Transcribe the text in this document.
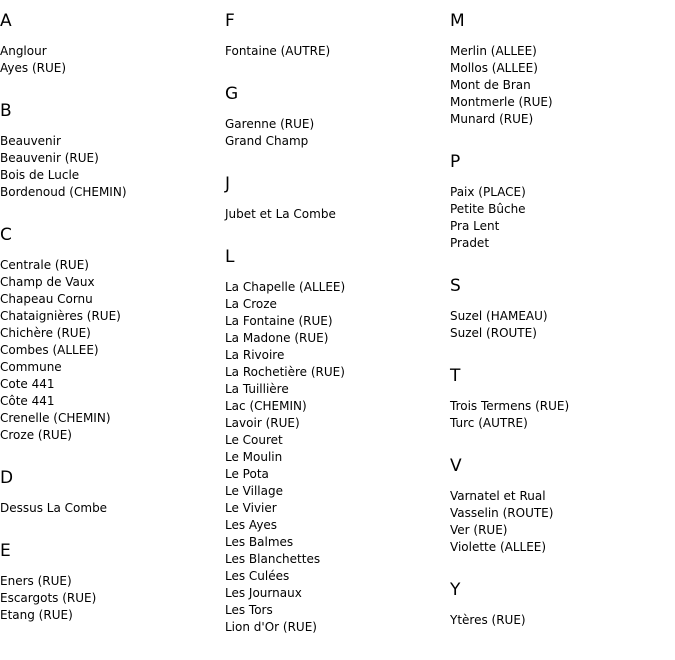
A
Anglour
Ayes (RUE)
B
Beauvenir
Beauvenir (RUE)
Bois de Lucle
Bordenoud (CHEMIN)
C
Centrale (RUE)
Champ de Vaux
Chapeau Cornu
Chataignières (RUE)
Chichère (RUE)
Combes (ALLEE)
Commune
Cote 441
Côte 441
Crenelle (CHEMIN)
Croze (RUE)
D
Dessus La Combe
E
Eners (RUE)
Escargots (RUE)
Etang (RUE)
F
Fontaine (AUTRE)
G
Garenne (RUE)
Grand Champ
J
Jubet et La Combe
L
La Chapelle (ALLEE)
La Croze
La Fontaine (RUE)
La Madone (RUE)
La Rivoire
La Rochetière (RUE)
La Tuillière
Lac (CHEMIN)
Lavoir (RUE)
Le Couret
Le Moulin
Le Pota
Le Village
Le Vivier
Les Ayes
Les Balmes
Les Blanchettes
Les Culées
Les Journaux
Les Tors
Lion d'Or (RUE)
M
Merlin (ALLEE)
Mollos (ALLEE)
Mont de Bran
Montmerle (RUE)
Munard (RUE)
P
Paix (PLACE)
Petite Bûche
Pra Lent
Pradet
S
Suzel (HAMEAU)
Suzel (ROUTE)
T
Trois Termens (RUE)
Turc (AUTRE)
V
Varnatel et Rual
Vasselin (ROUTE)
Ver (RUE)
Violette (ALLEE)
Y
Ytères (RUE)
